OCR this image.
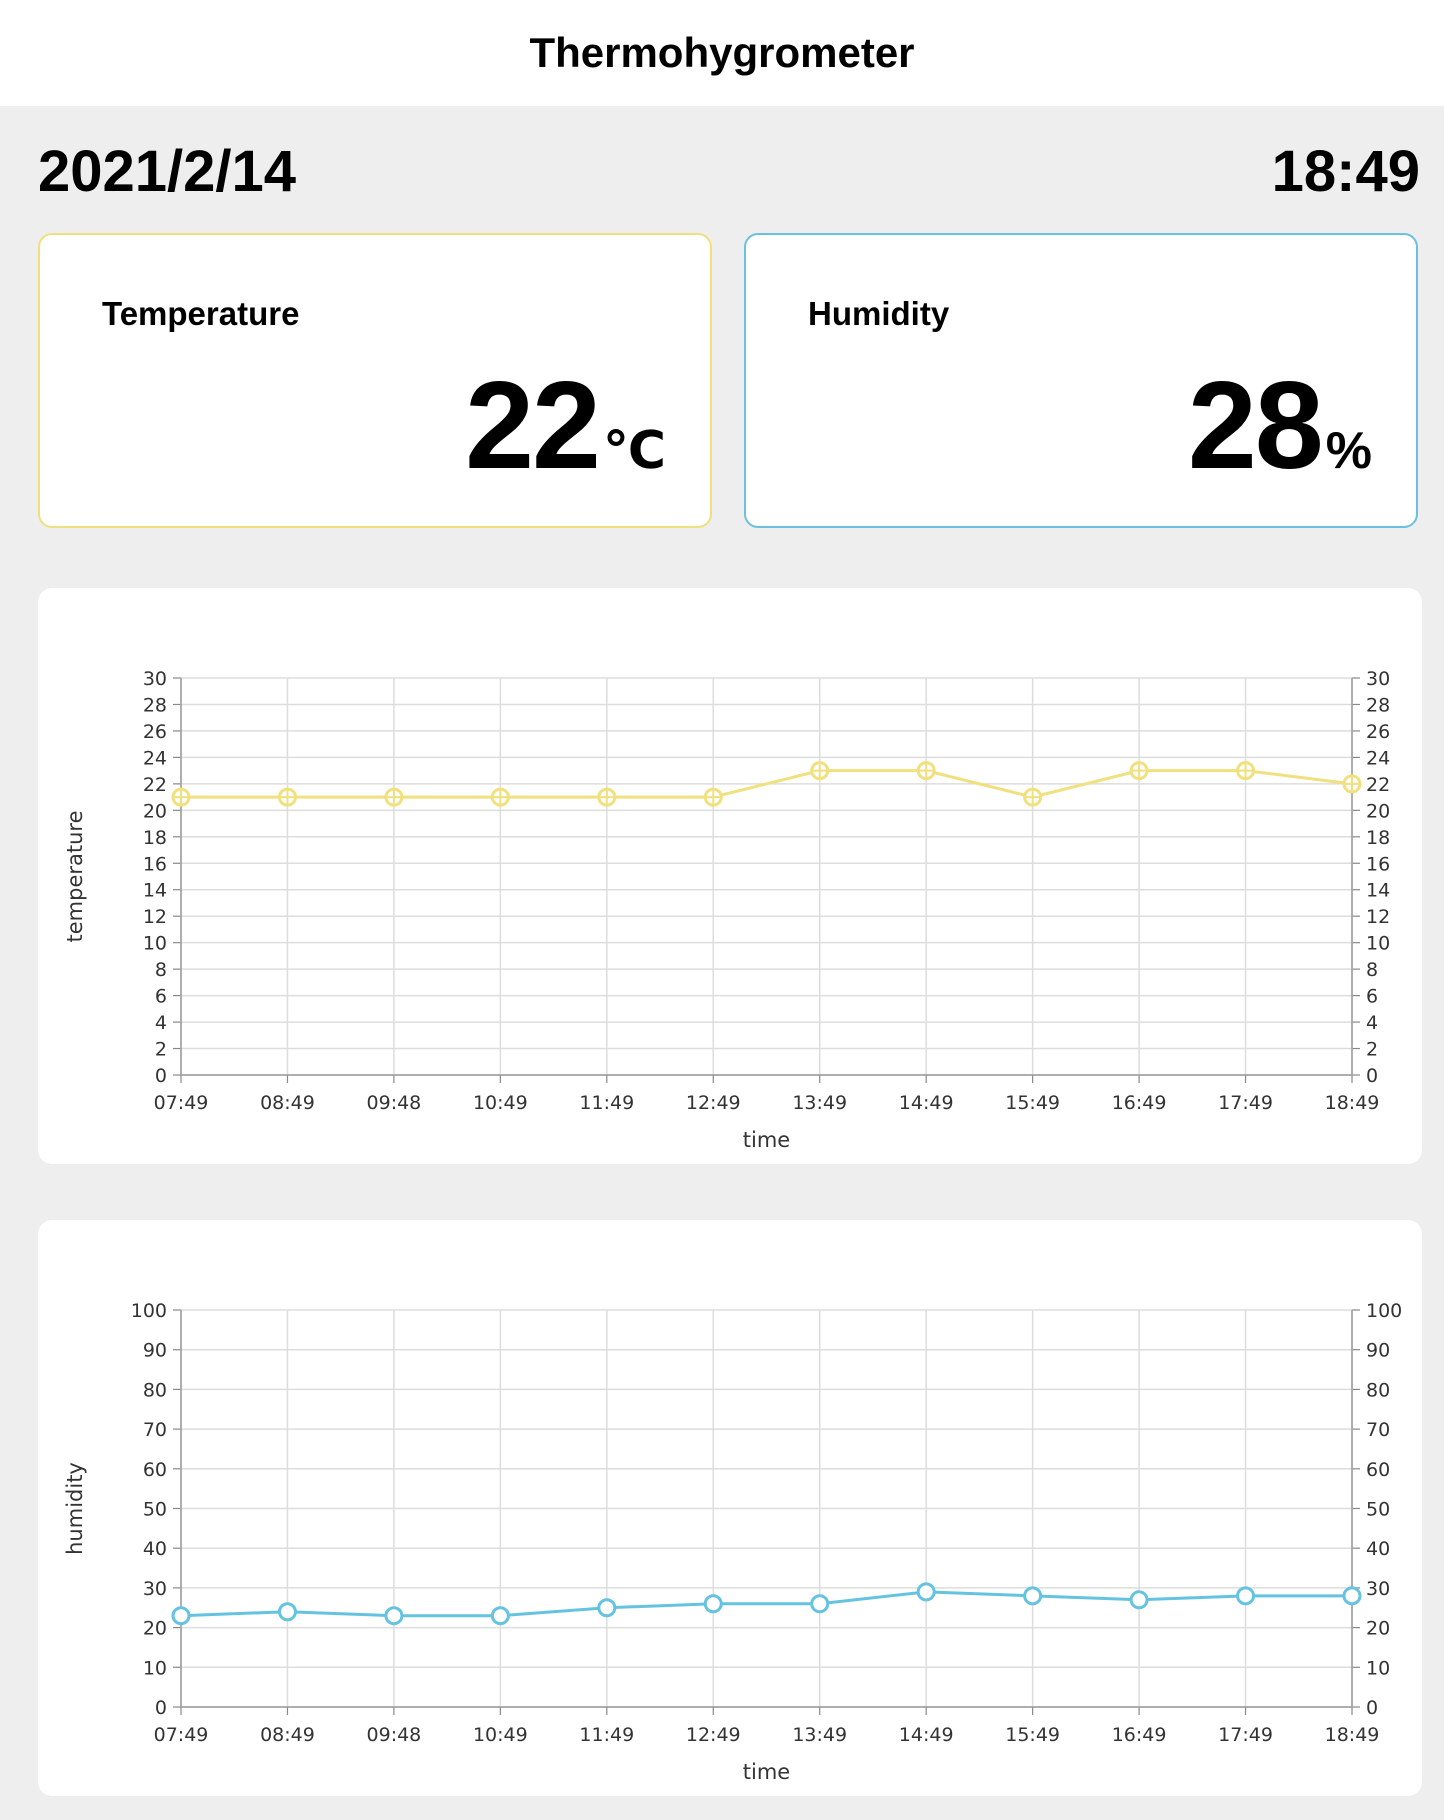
Thermohygrometer
2021/2/14	18:49
Temperature
22 ℃
Humidity
28 %
0	0
2	2
4	4
6	6
8	8
10	10
12	12
14	14
16	16
18	18
20	20
22	22
24	24
26	26
28	28
30	30
07:49	08:49	09:48	10:49	11:49	12:49	13:49	14:49	15:49	16:49	17:49	18:49
time
temperature
0	0
10	10
20	20
30	30
40	40
50	50
60	60
70	70
80	80
90	90
100	100
07:49	08:49	09:48	10:49	11:49	12:49	13:49	14:49	15:49	16:49	17:49	18:49
time
humidity
